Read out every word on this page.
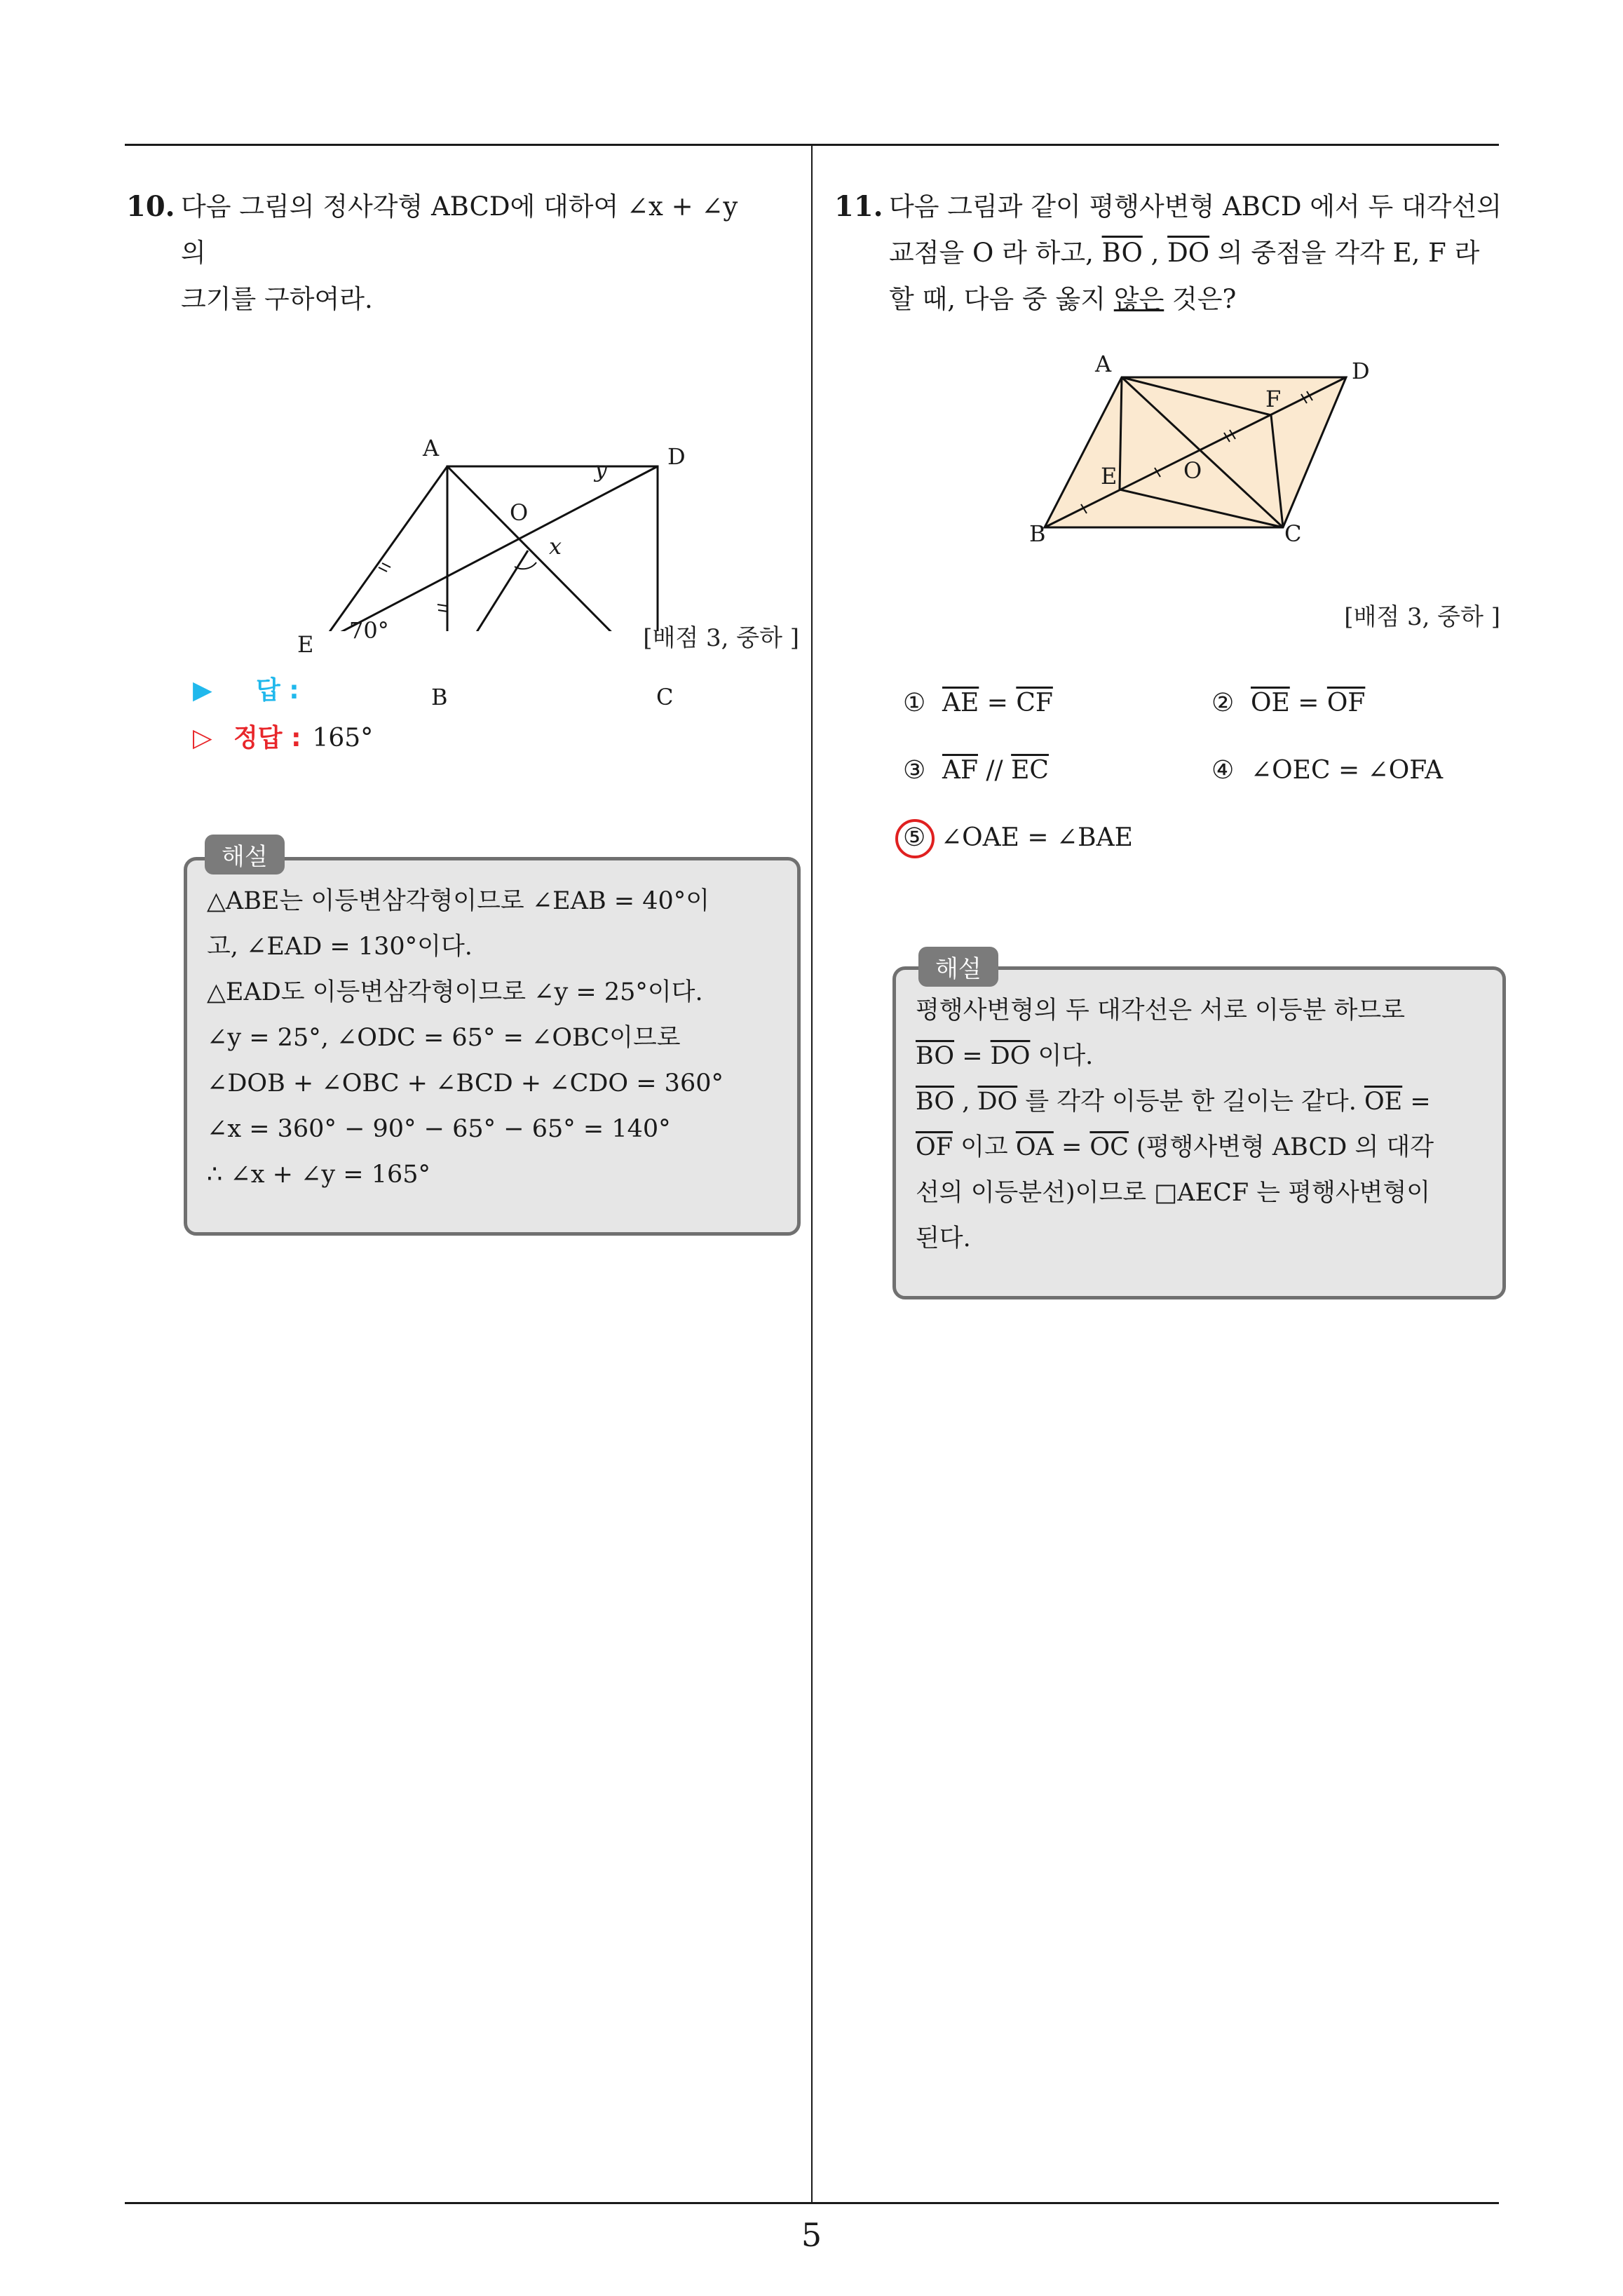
5
10. 다음 그림의 정사각형 ABCD에 대하여 ∠x + ∠y 의
크기를 구하여라.
A	D
O
y
x
70°
E
B	C
[배점 3, 중하 ]
▶	답 :
▷ 정답 : 165°
△ABE는 이등변삼각형이므로 ∠EAB = 40°이
고, ∠EAD = 130°이다.
△EAD도 이등변삼각형이므로 ∠y = 25°이다.
∠y = 25°, ∠ODC = 65° = ∠OBC이므로
∠DOB + ∠OBC + ∠BCD + ∠CDO = 360°
∠x = 360° − 90° − 65° − 65° = 140°
∴ ∠x + ∠y = 165°
해설
11. 다음 그림과 같이 평행사변형 ABCD 에서 두 대각선의
교점을 O 라 하고, $\overline{BO}$ , $\overline{DO}$ 의 중점을 각각 E, F 라
할 때, 다음 중 옳지 않은 것은?
A	D
F
E	O
B	C
[배점 3, 중하 ]
① $\overline{AE} = \overline{CF}$	② $\overline{OE} = \overline{OF}$
③ $\overline{AF} // \overline{EC}$	④ ∠OEC = ∠OFA
⑤ ∠OAE = ∠BAE
평행사변형의 두 대각선은 서로 이등분 하므로
$\overline{BO} = \overline{DO}$ 이다.
$\overline{BO}$ , $\overline{DO}$ 를 각각 이등분 한 길이는 같다. $\overline{OE}$ =
$\overline{OF}$ 이고 $\overline{OA} = \overline{OC}$ (평행사변형 ABCD 의 대각
선의 이등분선)이므로 □AECF 는 평행사변형이
된다.
해설
